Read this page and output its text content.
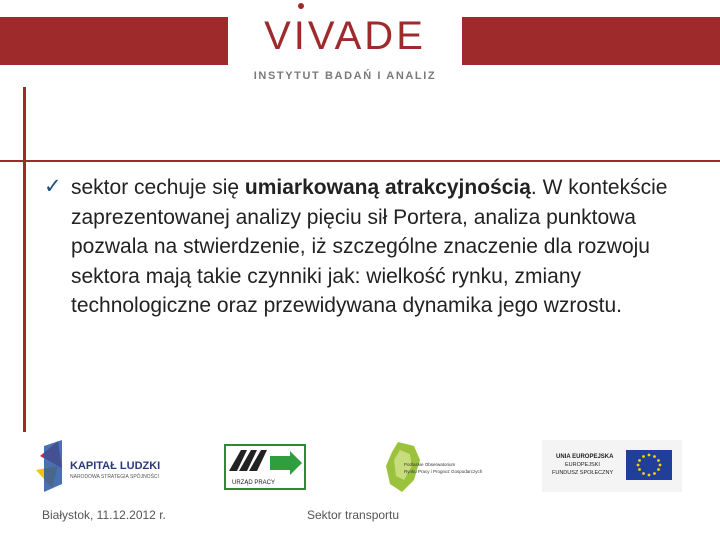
VIVADE
INSTYTUT BADAŃ I ANALIZ
✓ sektor cechuje się umiarkowaną atrakcyjnością. W kontekście zaprezentowanej analizy pięciu sił Portera, analiza punktowa pozwala na stwierdzenie, iż szczególne znaczenie dla rozwoju sektora mają takie czynniki jak: wielkość rynku, zmiany technologiczne oraz przewidywana dynamika jego wzrostu.
KAPITAŁ LUDZKI
NARODOWA STRATEGIA SPÓJNOŚCI
URZĄD PRACY
Podlaskie Obserwatorium
Rynku Pracy i Prognoz Gospodarczych
UNIA EUROPEJSKA
EUROPEJSKI
FUNDUSZ SPOŁECZNY
Białystok, 11.12.2012 r.	Sektor transportu
